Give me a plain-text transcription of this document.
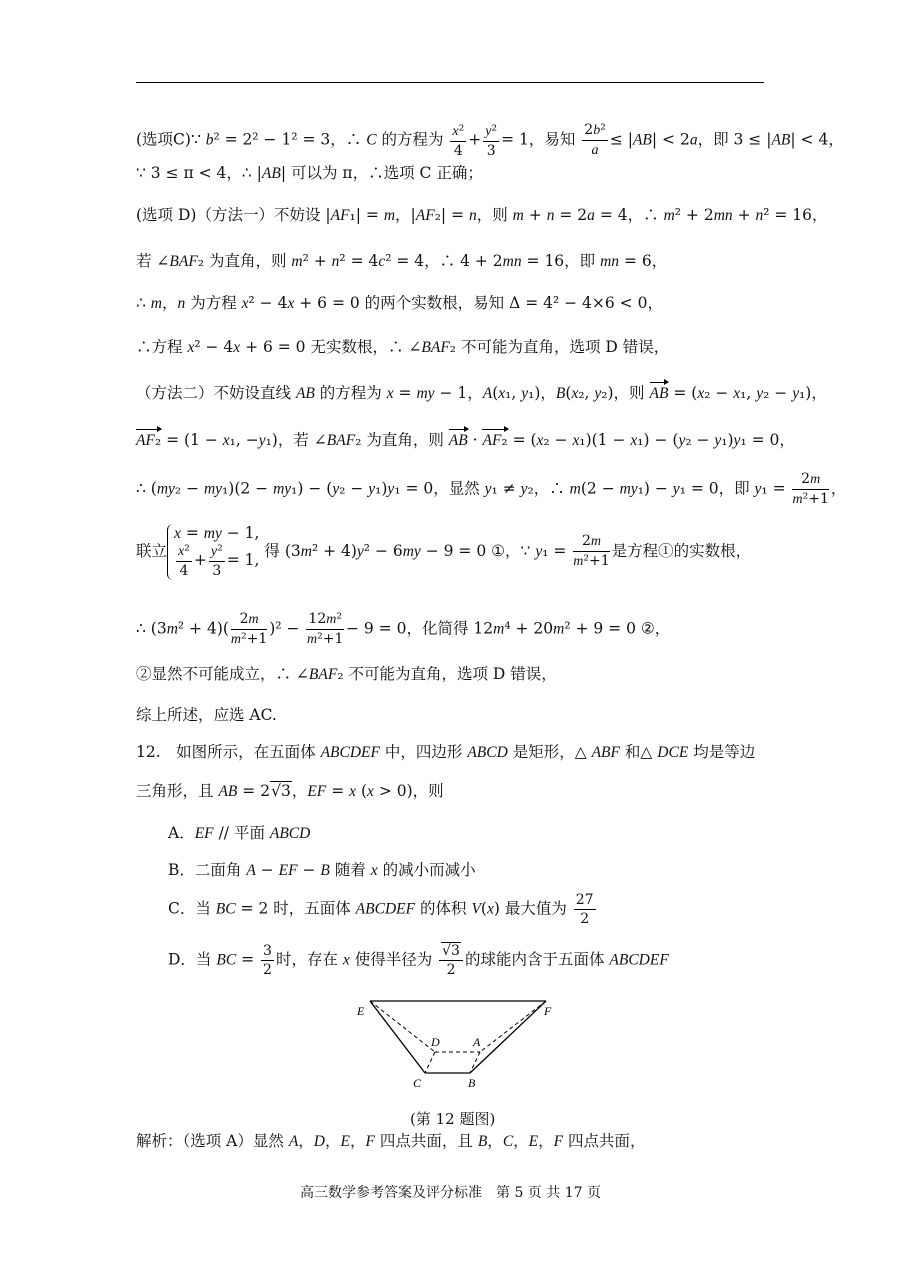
(选项C)∵ b² = 2² − 1² = 3，∴ C 的方程为 $\frac{\text{x²}}{4} + \frac{\text{y²}}{3} = 1$，易知 $\frac{\text{2b²}}{a} \le |AB| < 2a$，即 3 ≤ |AB| < 4，
∵ 3 ≤ π < 4，∴ |AB| 可以为 π，∴选项 C 正确；
(选项 D)（方法一）不妨设 |AF₁| = m，|AF₂| = n，则 m + n = 2a = 4，∴ m² + 2mn + n² = 16，
若 ∠BAF₂ 为直角，则 m² + n² = 4c² = 4，∴ 4 + 2mn = 16，即 mn = 6，
∴ m，n 为方程 x² − 4x + 6 = 0 的两个实数根，易知 Δ = 4² − 4×6 < 0，
∴方程 x² − 4x + 6 = 0 无实数根，∴ ∠BAF₂ 不可能为直角，选项 D 错误，
（方法二）不妨设直线 AB 的方程为 x = my − 1，A(x₁, y₁)，B(x₂, y₂)，则 AB = (x₂ − x₁, y₂ − y₁)，
AF₂ = (1 − x₁, −y₁)，若 ∠BAF₂ 为直角，则 AB · AF₂ = (x₂ − x₁)(1 − x₁) − (y₂ − y₁)y₁ = 0，
∴ (my₂ − my₁)(2 − my₁) − (y₂ − y₁)y₁ = 0，显然 y₁ ≠ y₂，∴ m(2 − my₁) − y₁ = 0，即 $y_1 = \frac{2m}{\text{m²+1}}$ ，
联立
x = my − 1,
$\frac{\text{x²}}{4} + \frac{\text{y²}}{3} = 1$, 得 (3m² + 4)y² − 6my − 9 = 0 ①，∵ $y_1 = \frac{2m}{\text{m²+1}}$ 是方程①的实数根，
∴ $(3m^2 + 4)( \frac{2m}{\text{m²+1}} )^2 - \frac{\text{12m²}}{\text{m²+1}} - 9 = 0$，化简得 12m⁴ + 20m² + 9 = 0 ②，
②显然不可能成立，∴ ∠BAF₂ 不可能为直角，选项 D 错误，
综上所述，应选 AC.
12.　如图所示，在五面体 ABCDEF 中，四边形 ABCD 是矩形，△ ABF 和△ DCE 均是等边
三角形，且 AB = 2√3，EF = x (x > 0)，则
A．EF // 平面 ABCD
B．二面角 A − EF − B 随着 x 的减小而减小
C．当 BC = 2 时，五面体 ABCDEF 的体积 V(x) 最大值为 $\frac{27}{2}$
D．当 BC = $\frac{3}{2}$ 时，存在 x 使得半径为 $\frac{√3}{2}$ 的球能内含于五面体 ABCDEF
E	F
D	A
C	B
(第 12 题图)
解析：（选项 A）显然 A，D，E，F 四点共面，且 B，C，E，F 四点共面，
高三数学参考答案及评分标准　第 5 页 共 17 页
